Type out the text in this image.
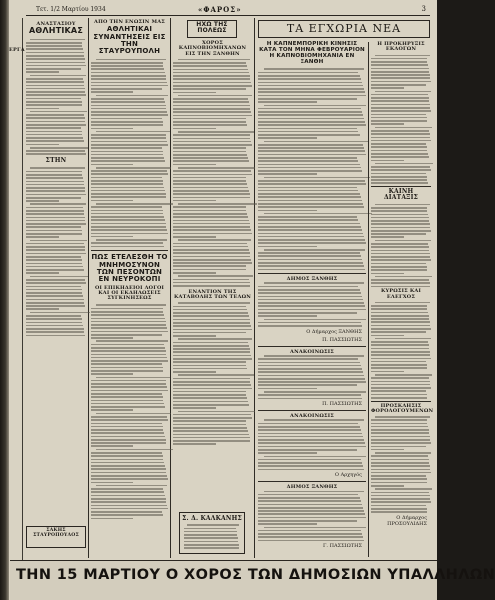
ΕΡΓΑ
Τετ. 1/2 Μαρτίου 1934	«ΦΑΡΟΣ»	3
ΑΝΑΣΤΑΣΙΟΥ
ΑΘΛΗΤΙΚΑΣ
ΣΤΗΝ
ΣΑΚΗΣ ΣΤΑΥΡΟΠΟΥΛΟΣ
ΑΠΟ ΤΗΝ ΕΝΩΣΙΝ ΜΑΣ
ΑΘΛΗΤΙΚΑΙ ΣΥΝΑΝΤΗΣΕΙΣ ΕΙΣ ΤΗΝ ΣΤΑΥΡΟΥΠΟΛΗ
ΠΩΣ ΕΤΕΛΕΣΘΗ ΤΟ ΜΝΗΜΟΣΥΝΟΝ ΤΩΝ ΠΕΣΟΝΤΩΝ ΕΝ ΝΕΥΡΟΚΟΠΙ
ΟΙ ΕΠΙΚΗΔΕΙΟΙ ΛΟΓΟΙ ΚΑΙ ΟΙ ΕΚΔΗΛΩΣΕΙΣ ΣΥΓΚΙΝΗΣΕΩΣ
ΗΧΩ ΤΗΣ ΠΟΛΕΩΣ
ΧΟΡΟΣ ΚΑΠΝΟΒΙΟΜΗΧΑΝΩΝ ΕΙΣ ΤΗΝ ΞΑΝΘΗΝ
ΕΝΑΝΤΙΟΝ ΤΗΣ ΚΑΤΑΒΟΛΗΣ ΤΩΝ ΤΕΛΩΝ
Σ. Δ. ΚΑΛΚΑΝΗΣ
ΤΑ ΕΓΧΩΡΙΑ ΝΕΑ
Η ΚΑΠΝΕΜΠΟΡΙΚΗ ΚΙΝΗΣΙΣ ΚΑΤΑ ΤΟΝ ΜΗΝΑ ΦΕΒΡΟΥΑΡΙΟΝ Η ΚΑΠΝΟΒΙΟΜΗΧΑΝΙΑ ΕΝ ΞΑΝΘΗ
ΔΗΜΟΣ ΞΑΝΘΗΣ
Ο Δήμαρχος ΞΑΝΘΗΣ
Π. ΠΑΣΣΙΩΤΗΣ
ΑΝΑΚΟΙΝΩΣΙΣ
Π. ΠΑΣΣΙΩΤΗΣ
ΑΝΑΚΟΙΝΩΣΙΣ
Ο Αρχηγός
ΔΗΜΟΣ ΞΑΝΘΗΣ
Γ. ΠΑΣΣΙΩΤΗΣ
Η ΠΡΟΚΗΡΥΞΙΣ ΕΚΛΟΓΩΝ
ΚΑΙΝΗ ΔΙΑΤΑΞΙΣ
ΚΥΡΩΣΙΣ ΚΑΙ ΕΛΕΓΧΟΣ
ΠΡΟΣΚΛΗΣΙΣ ΦΟΡΟΛΟΓΟΥΜΕΝΩΝ
Ο Δήμαρχος ΠΡΟΣΟΥΛΙΔΗΣ
ΤΗΝ 15 ΜΑΡΤΙΟΥ Ο ΧΟΡΟΣ ΤΩΝ ΔΗΜΟΣΙΩΝ ΥΠΑΛΛΗΛΩΝ
